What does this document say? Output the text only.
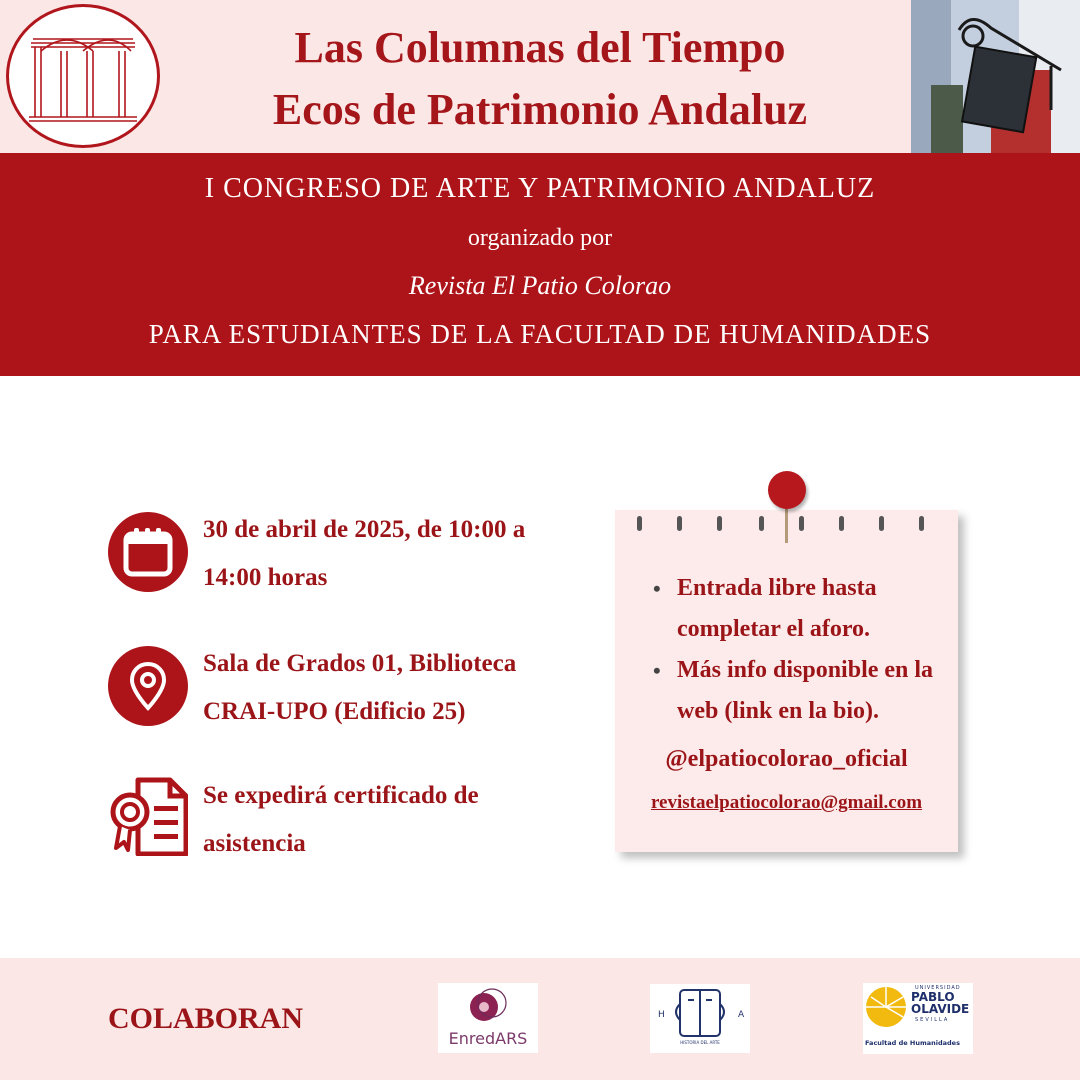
Las Columnas del Tiempo
Ecos de Patrimonio Andaluz
I CONGRESO DE ARTE Y PATRIMONIO ANDALUZ
organizado por
Revista El Patio Colorao
PARA ESTUDIANTES DE LA FACULTAD DE HUMANIDADES
30 de abril de 2025, de 10:00 a 14:00 horas
Sala de Grados 01, Biblioteca CRAI-UPO (Edificio 25)
Se expedirá certificado de asistencia
• Entrada libre hasta completar el aforo.
• Más info disponible en la web (link en la bio).
@elpatiocolorao_oficial
revistaelpatiocolorao@gmail.com
COLABORAN
EnredARS
H	A
HISTORIA DEL ARTE
UNIVERSIDAD
PABLO
OLAVIDE
SEVILLA
Facultad de Humanidades
